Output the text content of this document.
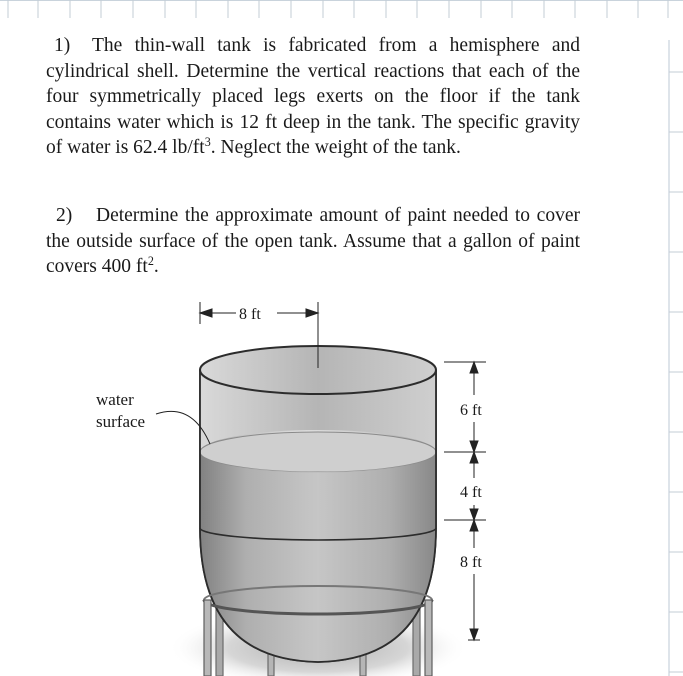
1) The thin-wall tank is fabricated from a hemisphere and cylindrical shell. Determine the vertical reactions that each of the four symmetrically placed legs exerts on the floor if the tank contains water which is 12 ft deep in the tank. The specific gravity of water is 62.4 $lb/ft^3$. Neglect the weight of the tank.

2) Determine the approximate amount of paint needed to cover the outside surface of the open tank. Assume that a gallon of paint covers 400 $ft^2$.

8 ft
water
surface
6 ft
4 ft
8 ft
